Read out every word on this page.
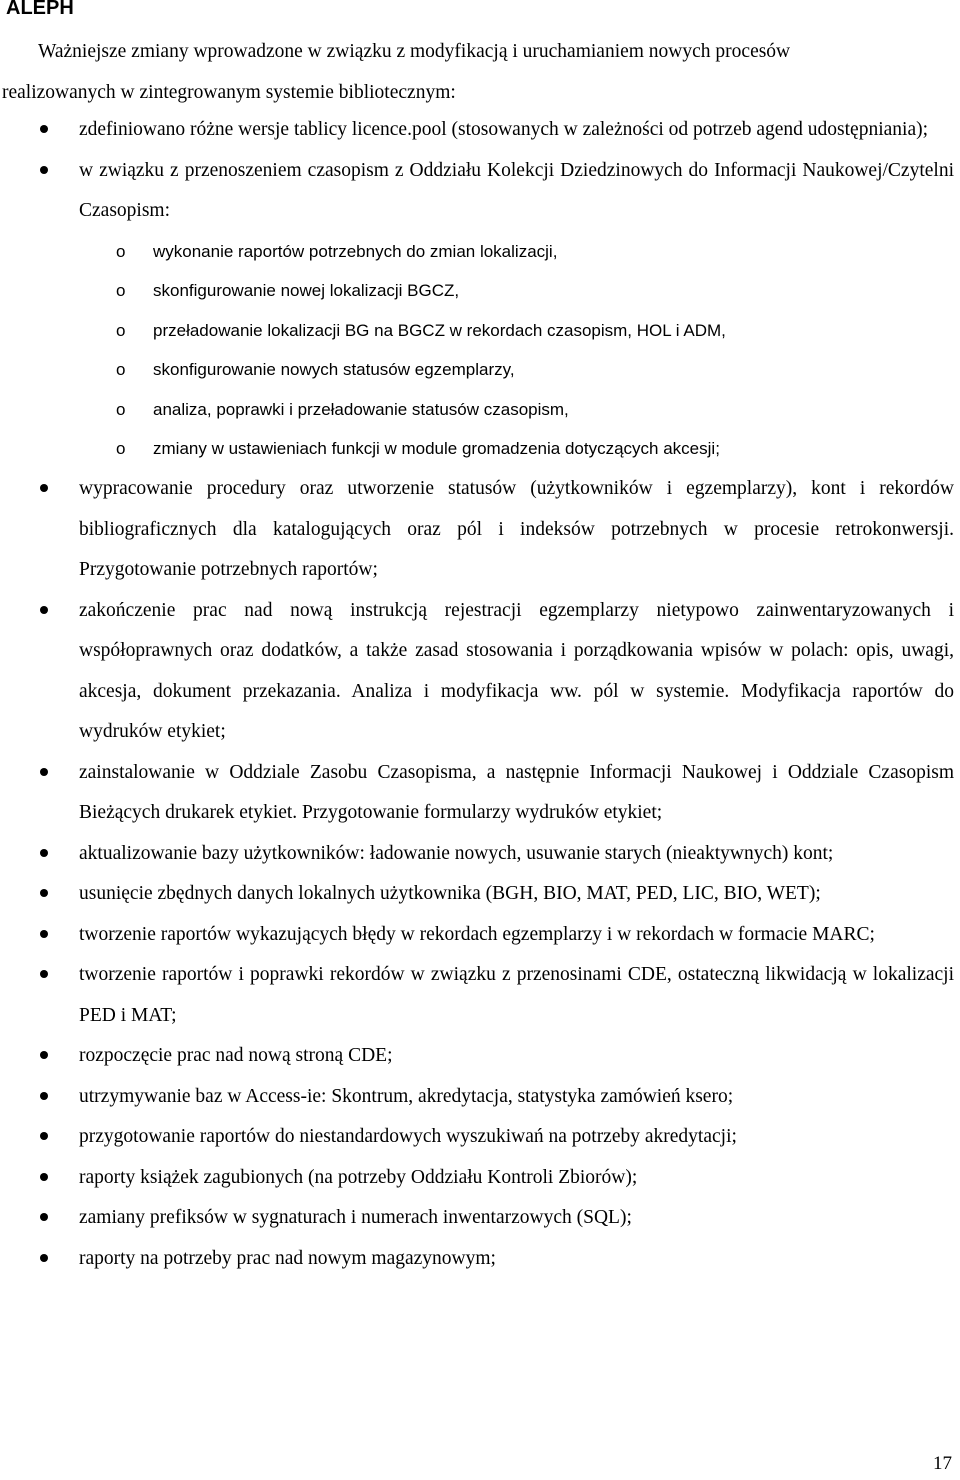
ALEPH

Ważniejsze zmiany wprowadzone w związku z modyfikacją i uruchamianiem nowych procesów
realizowanych w zintegrowanym systemie bibliotecznym:

zdefiniowano różne wersje tablicy licence.pool (stosowanych w zależności od potrzeb agend udostępniania);
w związku z przenoszeniem czasopism z Oddziału Kolekcji Dziedzinowych do Informacji Naukowej/Czytelni Czasopism:
o wykonanie raportów potrzebnych do zmian lokalizacji,
o skonfigurowanie nowej lokalizacji BGCZ,
o przeładowanie lokalizacji BG na BGCZ w rekordach czasopism, HOL i ADM,
o skonfigurowanie nowych statusów egzemplarzy,
o analiza, poprawki i przeładowanie statusów czasopism,
o zmiany w ustawieniach funkcji w module gromadzenia dotyczących akcesji;
wypracowanie procedury oraz utworzenie statusów (użytkowników i egzemplarzy), kont i rekordów bibliograficznych dla katalogujących oraz pól i indeksów potrzebnych w procesie retrokonwersji. Przygotowanie potrzebnych raportów;
zakończenie prac nad nową instrukcją rejestracji egzemplarzy nietypowo zainwentaryzowanych i współoprawnych oraz dodatków, a także zasad stosowania i porządkowania wpisów w polach: opis, uwagi, akcesja, dokument przekazania. Analiza i modyfikacja ww. pól w systemie. Modyfikacja raportów do wydruków etykiet;
zainstalowanie w Oddziale Zasobu Czasopisma, a następnie Informacji Naukowej i Oddziale Czasopism Bieżących drukarek etykiet. Przygotowanie formularzy wydruków etykiet;
aktualizowanie bazy użytkowników: ładowanie nowych, usuwanie starych (nieaktywnych) kont;
usunięcie zbędnych danych lokalnych użytkownika (BGH, BIO, MAT, PED, LIC, BIO, WET);
tworzenie raportów wykazujących błędy w rekordach egzemplarzy i w rekordach w formacie MARC;
tworzenie raportów i poprawki rekordów w związku z przenosinami CDE, ostateczną likwidacją w lokalizacji PED i MAT;
rozpoczęcie prac nad nową stroną CDE;
utrzymywanie baz w Access-ie: Skontrum, akredytacja, statystyka zamówień ksero;
przygotowanie raportów do niestandardowych wyszukiwań na potrzeby akredytacji;
raporty książek zagubionych (na potrzeby Oddziału Kontroli Zbiorów);
zamiany prefiksów w sygnaturach i numerach inwentarzowych (SQL);
raporty na potrzeby prac nad nowym magazynowym;
17
